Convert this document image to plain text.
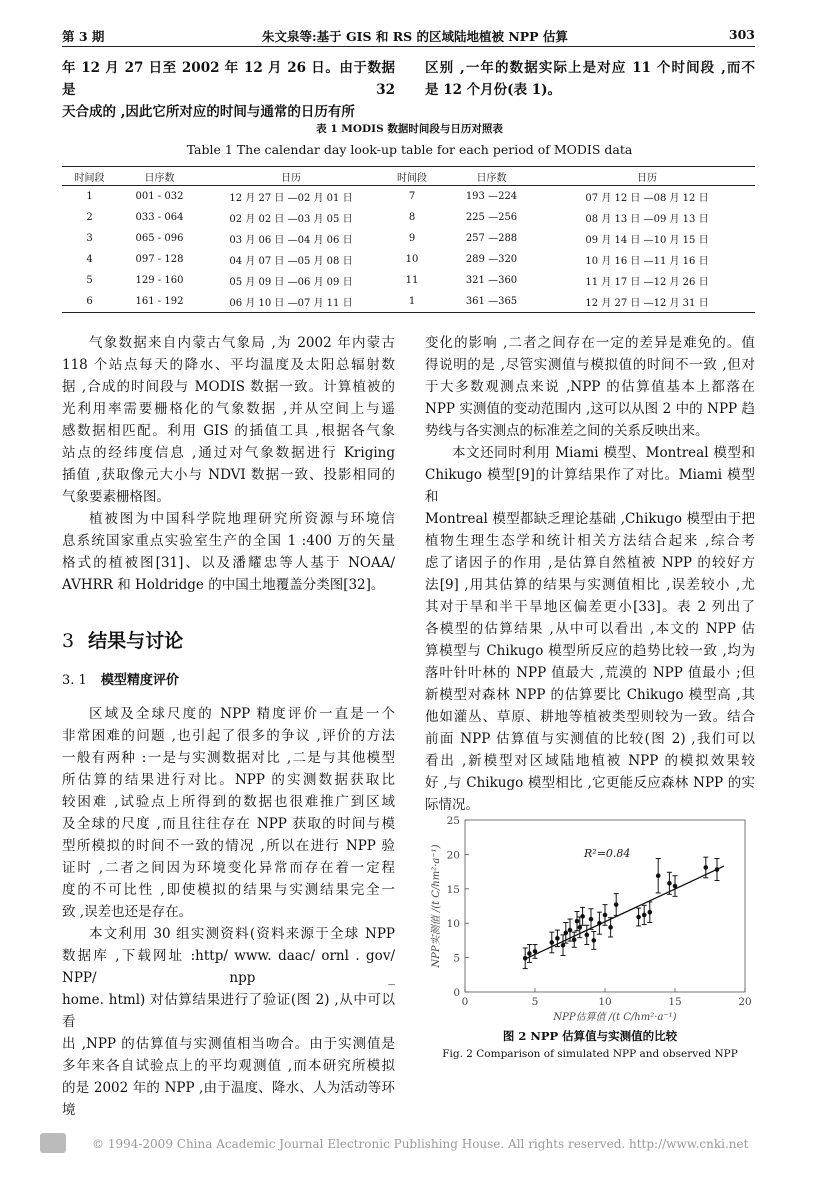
第 3 期	朱文泉等:基于 GIS 和 RS 的区域陆地植被 NPP 估算	303
年 12 月 27 日至 2002 年 12 月 26 日。由于数据是 32
天合成的 ,因此它所对应的时间与通常的日历有所
区别 ,一年的数据实际上是对应 11 个时间段 ,而不
是 12 个月份(表 1)。
表 1 MODIS 数据时间段与日历对照表
Table 1 The calendar day look-up table for each period of MODIS data
时间段	日序数	日历	时间段	日序数	日历
1	001 - 032	12 月 27 日 —02 月 01 日	7	193 —224	07 月 12 日 —08 月 12 日
2	033 - 064	02 月 02 日 —03 月 05 日	8	225 —256	08 月 13 日 —09 月 13 日
3	065 - 096	03 月 06 日 —04 月 06 日	9	257 —288	09 月 14 日 —10 月 15 日
4	097 - 128	04 月 07 日 —05 月 08 日	10	289 —320	10 月 16 日 —11 月 16 日
5	129 - 160	05 月 09 日 —06 月 09 日	11	321 —360	11 月 17 日 —12 月 26 日
6	161 - 192	06 月 10 日 —07 月 11 日	1	361 —365	12 月 27 日 —12 月 31 日
气象数据来自内蒙古气象局 ,为 2002 年内蒙古
118 个站点每天的降水、平均温度及太阳总辐射数
据 ,合成的时间段与 MODIS 数据一致。计算植被的
光利用率需要栅格化的气象数据 ,并从空间上与遥
感数据相匹配。利用 GIS 的插值工具 ,根据各气象
站点的经纬度信息 ,通过对气象数据进行 Kriging
插值 ,获取像元大小与 NDVI 数据一致、投影相同的
气象要素栅格图。
植被图为中国科学院地理研究所资源与环境信
息系统国家重点实验室生产的全国 1 :400 万的矢量
格式的植被图[31]、以及潘耀忠等人基于 NOAA/
AVHRR 和 Holdridge 的中国土地覆盖分类图[32]。
3 结果与讨论
3. 1 模型精度评价
区域及全球尺度的 NPP 精度评价一直是一个
非常困难的问题 ,也引起了很多的争议 ,评价的方法
一般有两种 :一是与实测数据对比 ,二是与其他模型
所估算的结果进行对比。NPP 的实测数据获取比
较困难 ,试验点上所得到的数据也很难推广到区域
及全球的尺度 ,而且往往存在 NPP 获取的时间与模
型所模拟的时间不一致的情况 ,所以在进行 NPP 验
证时 ,二者之间因为环境变化异常而存在着一定程
度的不可比性 ,即使模拟的结果与实测结果完全一
致 ,误差也还是存在。
本文利用 30 组实测资料(资料来源于全球 NPP
数据库 ,下载网址 :http/ www. daac/ ornl . gov/ NPP/ npp _
home. html) 对估算结果进行了验证(图 2) ,从中可以看
出 ,NPP 的估算值与实测值相当吻合。由于实测值是
多年来各自试验点上的平均观测值 ,而本研究所模拟
的是 2002 年的 NPP ,由于温度、降水、人为活动等环境
变化的影响 ,二者之间存在一定的差异是难免的。值
得说明的是 ,尽管实测值与模拟值的时间不一致 ,但对
于大多数观测点来说 ,NPP 的估算值基本上都落在
NPP 实测值的变动范围内 ,这可以从图 2 中的 NPP 趋
势线与各实测点的标准差之间的关系反映出来。
本文还同时利用 Miami 模型、Montreal 模型和
Chikugo 模型[9]的计算结果作了对比。Miami 模型和
Montreal 模型都缺乏理论基础 ,Chikugo 模型由于把
植物生理生态学和统计相关方法结合起来 ,综合考
虑了诸因子的作用 ,是估算自然植被 NPP 的较好方
法[9] ,用其估算的结果与实测值相比 ,误差较小 ,尤
其对于旱和半干旱地区偏差更小[33]。表 2 列出了
各模型的估算结果 ,从中可以看出 ,本文的 NPP 估
算模型与 Chikugo 模型所反应的趋势比较一致 ,均为
落叶针叶林的 NPP 值最大 ,荒漠的 NPP 值最小 ;但
新模型对森林 NPP 的估算要比 Chikugo 模型高 ,其
他如灌丛、草原、耕地等植被类型则较为一致。结合
前面 NPP 估算值与实测值的比较(图 2) ,我们可以
看出 ,新模型对区域陆地植被 NPP 的模拟效果较
好 ,与 Chikugo 模型相比 ,它更能反应森林 NPP 的实
际情况。
0	5	10	15	20
0
5
10
15
20
25
NPP估算值 /(t C/hm²·a⁻¹)
NPP实测值 /(t C/hm²·a⁻¹)	R²=0.84
图 2 NPP 估算值与实测值的比较
Fig. 2 Comparison of simulated NPP and observed NPP
© 1994-2009 China Academic Journal Electronic Publishing House. All rights reserved. http://www.cnki.net
